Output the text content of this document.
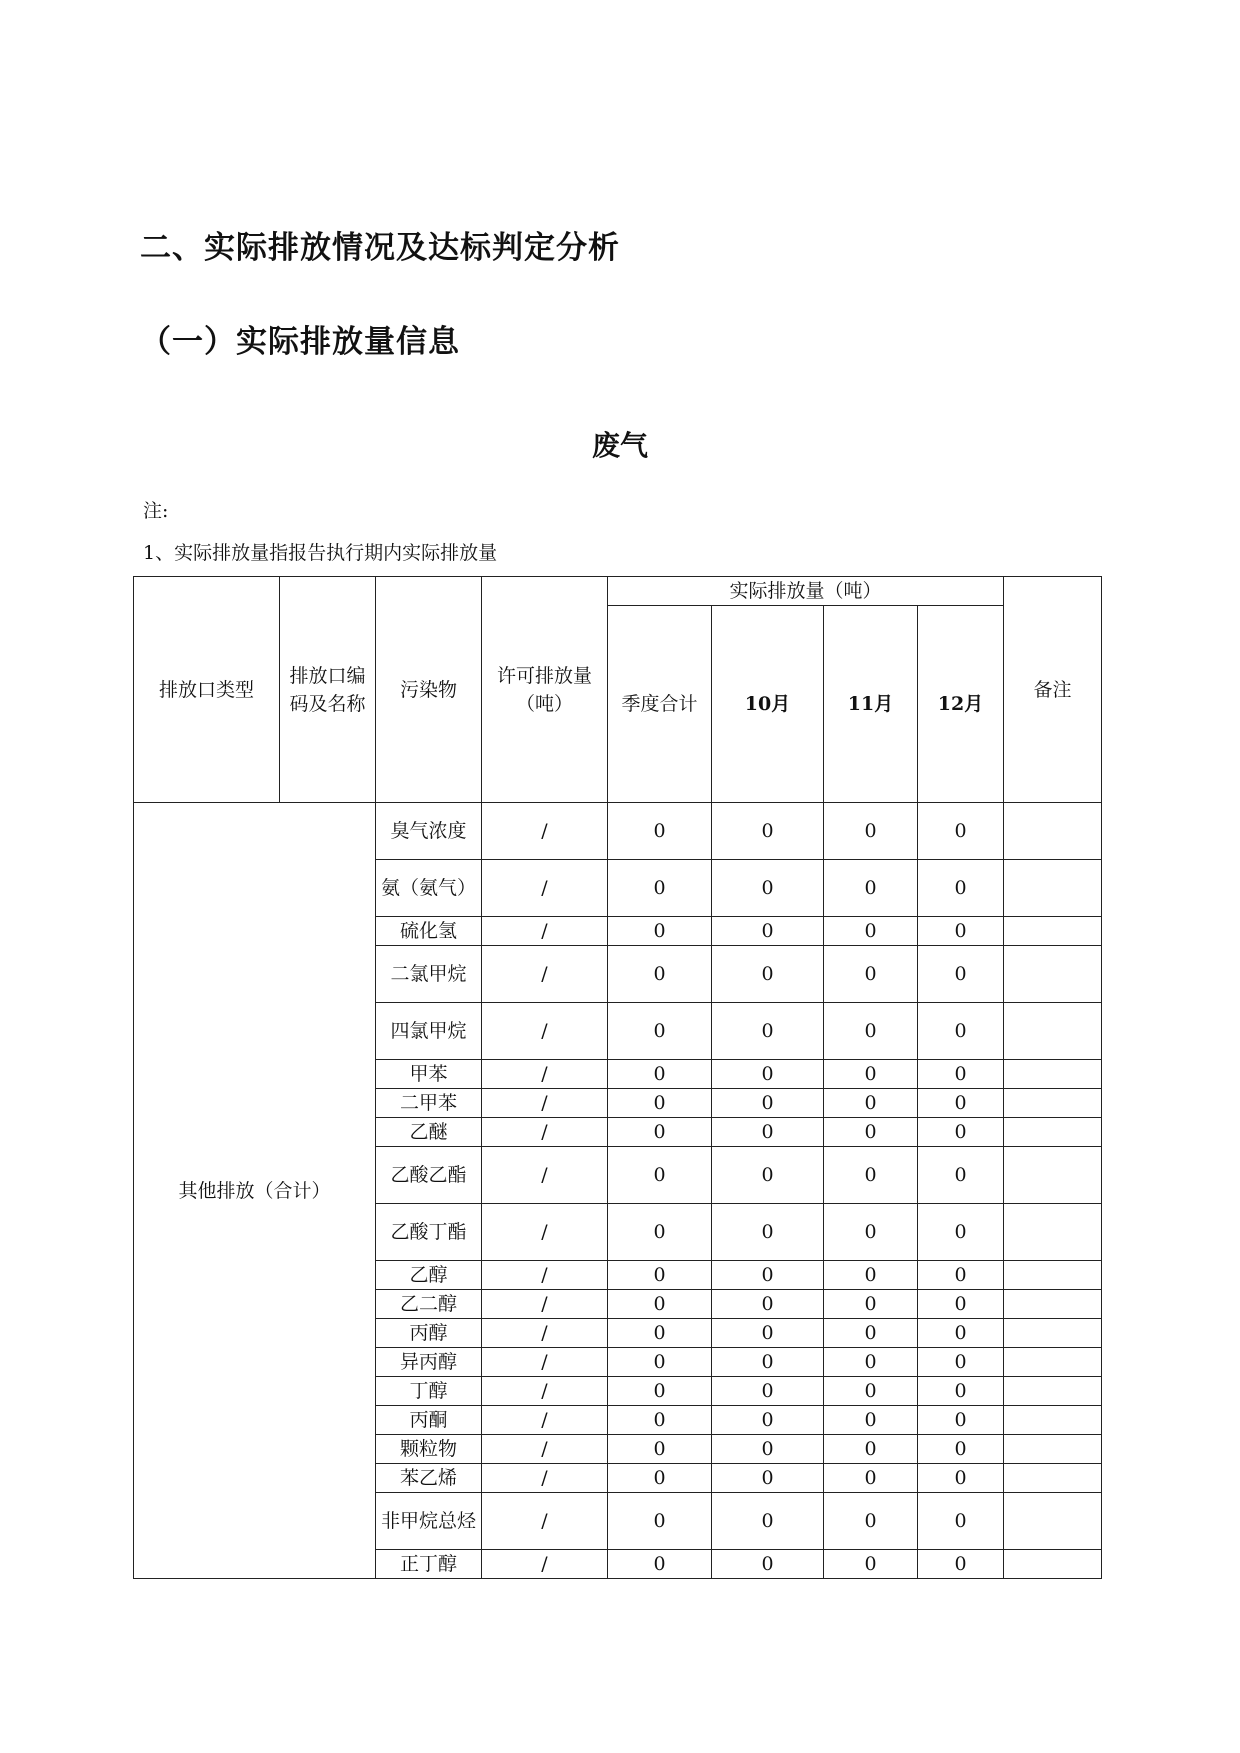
二、实际排放情况及达标判定分析
（一）实际排放量信息
废气
注:
1、实际排放量指报告执行期内实际排放量
排放口类型	排放口编码及名称	污染物	许可排放量（吨）	实际排放量（吨）				备注
				季度合计	10月	11月	12月	
其他排放（合计）		臭气浓度	/	0	0	0	0	
		氨（氨气）	/	0	0	0	0	
		硫化氢	/	0	0	0	0	
		二氯甲烷	/	0	0	0	0	
		四氯甲烷	/	0	0	0	0	
		甲苯	/	0	0	0	0	
		二甲苯	/	0	0	0	0	
		乙醚	/	0	0	0	0	
		乙酸乙酯	/	0	0	0	0	
		乙酸丁酯	/	0	0	0	0	
		乙醇	/	0	0	0	0	
		乙二醇	/	0	0	0	0	
		丙醇	/	0	0	0	0	
		异丙醇	/	0	0	0	0	
		丁醇	/	0	0	0	0	
		丙酮	/	0	0	0	0	
		颗粒物	/	0	0	0	0	
		苯乙烯	/	0	0	0	0	
		非甲烷总烃	/	0	0	0	0	
		正丁醇	/	0	0	0	0	
